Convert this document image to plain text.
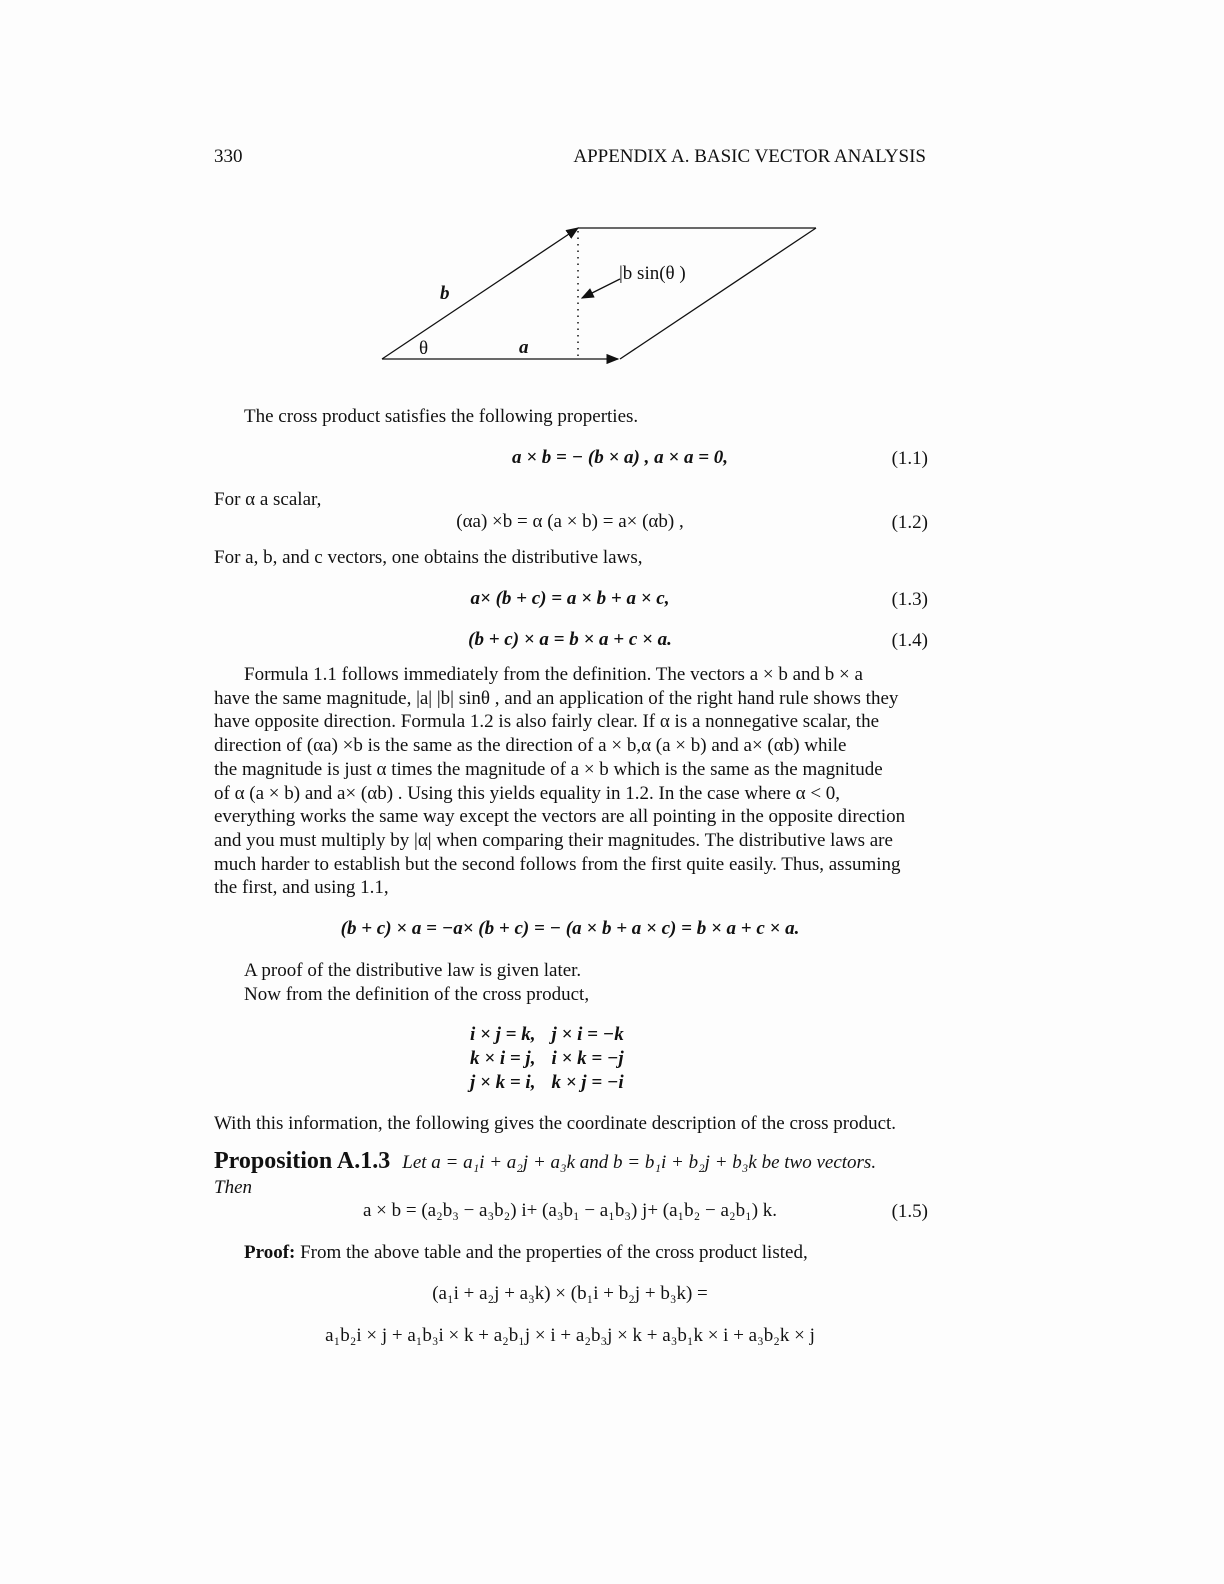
330	APPENDIX A. BASIC VECTOR ANALYSIS
b
a
θ
|b sin(θ )
The cross product satisfies the following properties.
a × b = − (b × a) , a × a = 0,	(1.1)
For α a scalar,
(αa) ×b = α (a × b) = a× (αb) ,	(1.2)
For a, b, and c vectors, one obtains the distributive laws,
a× (b + c) = a × b + a × c,	(1.3)
(b + c) × a = b × a + c × a.	(1.4)
Formula 1.1 follows immediately from the definition. The vectors a × b and b × a
have the same magnitude, |a| |b| sinθ , and an application of the right hand rule shows they
have opposite direction. Formula 1.2 is also fairly clear. If α is a nonnegative scalar, the
direction of (αa) ×b is the same as the direction of a × b,α (a × b) and a× (αb) while
the magnitude is just α times the magnitude of a × b which is the same as the magnitude
of α (a × b) and a× (αb) . Using this yields equality in 1.2. In the case where α < 0,
everything works the same way except the vectors are all pointing in the opposite direction
and you must multiply by |α| when comparing their magnitudes. The distributive laws are
much harder to establish but the second follows from the first quite easily. Thus, assuming
the first, and using 1.1,
(b + c) × a = −a× (b + c) = − (a × b + a × c) = b × a + c × a.
A proof of the distributive law is given later.
Now from the definition of the cross product,
i × j = k,	j × i = −k
k × i = j,	i × k = −j
j × k = i,	k × j = −i
With this information, the following gives the coordinate description of the cross product.
Proposition A.1.3 Let a = a₁i + a₂j + a₃k and b = b₁i + b₂j + b₃k be two vectors.
Then
a × b = (a₂b₃ − a₃b₂) i+ (a₃b₁ − a₁b₃) j+ (a₁b₂ − a₂b₁) k.	(1.5)
Proof: From the above table and the properties of the cross product listed,
(a₁i + a₂j + a₃k) × (b₁i + b₂j + b₃k) =
a₁b₂i × j + a₁b₃i × k + a₂b₁j × i + a₂b₃j × k + a₃b₁k × i + a₃b₂k × j
